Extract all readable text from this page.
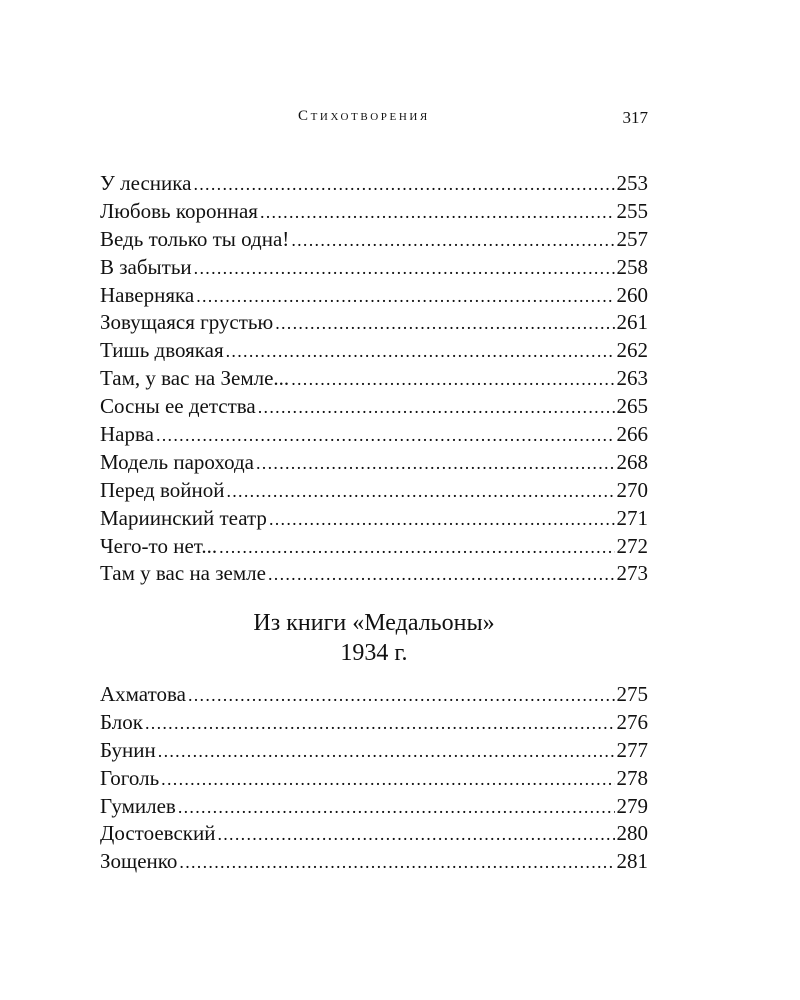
Стихотворения	317
У лесника . . .	253
Любовь коронная . . .	255
Ведь только ты одна! . . .	257
В забытьи . . .	258
Наверняка . . .	260
Зовущаяся грустью . . .	261
Тишь двоякая . . .	262
Там, у вас на Земле... . . .	263
Сосны ее детства . . .	265
Нарва . . .	266
Модель парохода . . .	268
Перед войной . . .	270
Мариинский театр . . .	271
Чего-то нет... . . .	272
Там у вас на земле . . .	273
Из книги «Медальоны»
1934 г.
Ахматова . . .	275
Блок . . .	276
Бунин . . .	277
Гоголь . . .	278
Гумилев . . .	279
Достоевский . . .	280
Зощенко . . .	281
